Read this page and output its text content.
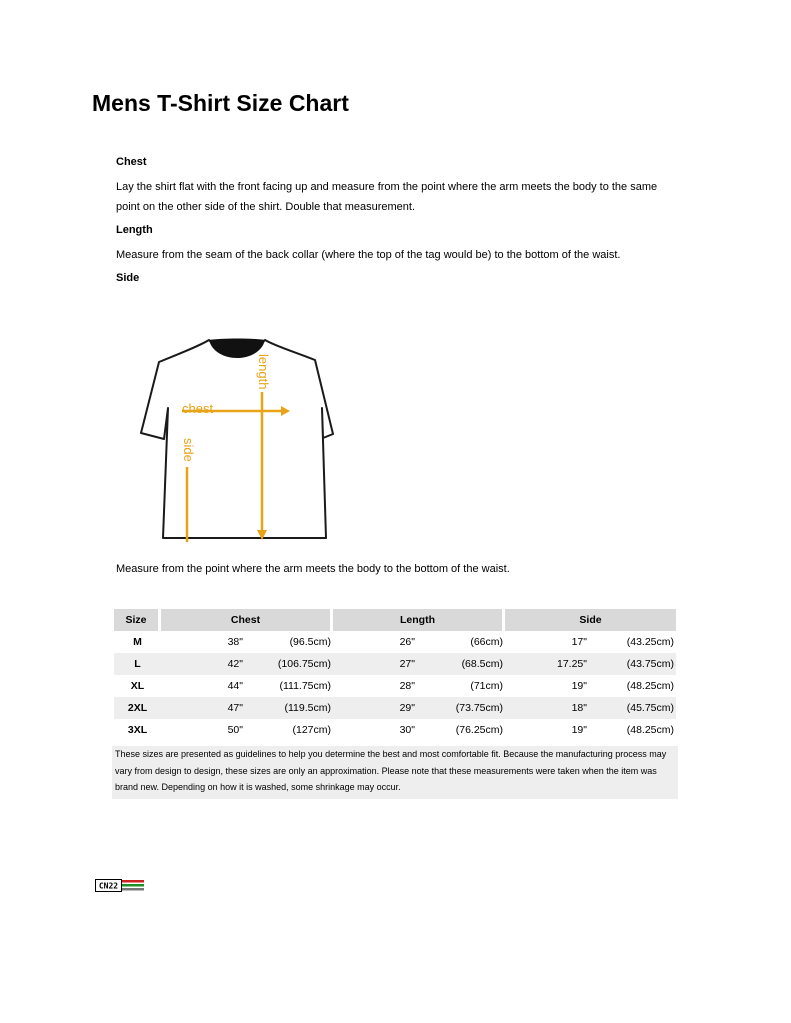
Mens T-Shirt Size Chart
Chest
Lay the shirt flat with the front facing up and measure from the point where the arm meets the body to the same point on the other side of the shirt. Double that measurement.
Length
Measure from the seam of the back collar (where the top of the tag would be) to the bottom of the waist.
Side
length
chest
side
Measure from the point where the arm meets the body to the bottom of the waist.
Size	Chest		Length		Side	
M	38"	(96.5cm)	26"	(66cm)	17"	(43.25cm)
L	42"	(106.75cm)	27"	(68.5cm)	17.25"	(43.75cm)
XL	44"	(111.75cm)	28"	(71cm)	19"	(48.25cm)
2XL	47"	(119.5cm)	29"	(73.75cm)	18"	(45.75cm)
3XL	50"	(127cm)	30"	(76.25cm)	19"	(48.25cm)
These sizes are presented as guidelines to help you determine the best and most comfortable fit. Because the manufacturing process may vary from design to design, these sizes are only an approximation. Please note that these measurements were taken when the item was brand new. Depending on how it is washed, some shrinkage may occur.
CN22
